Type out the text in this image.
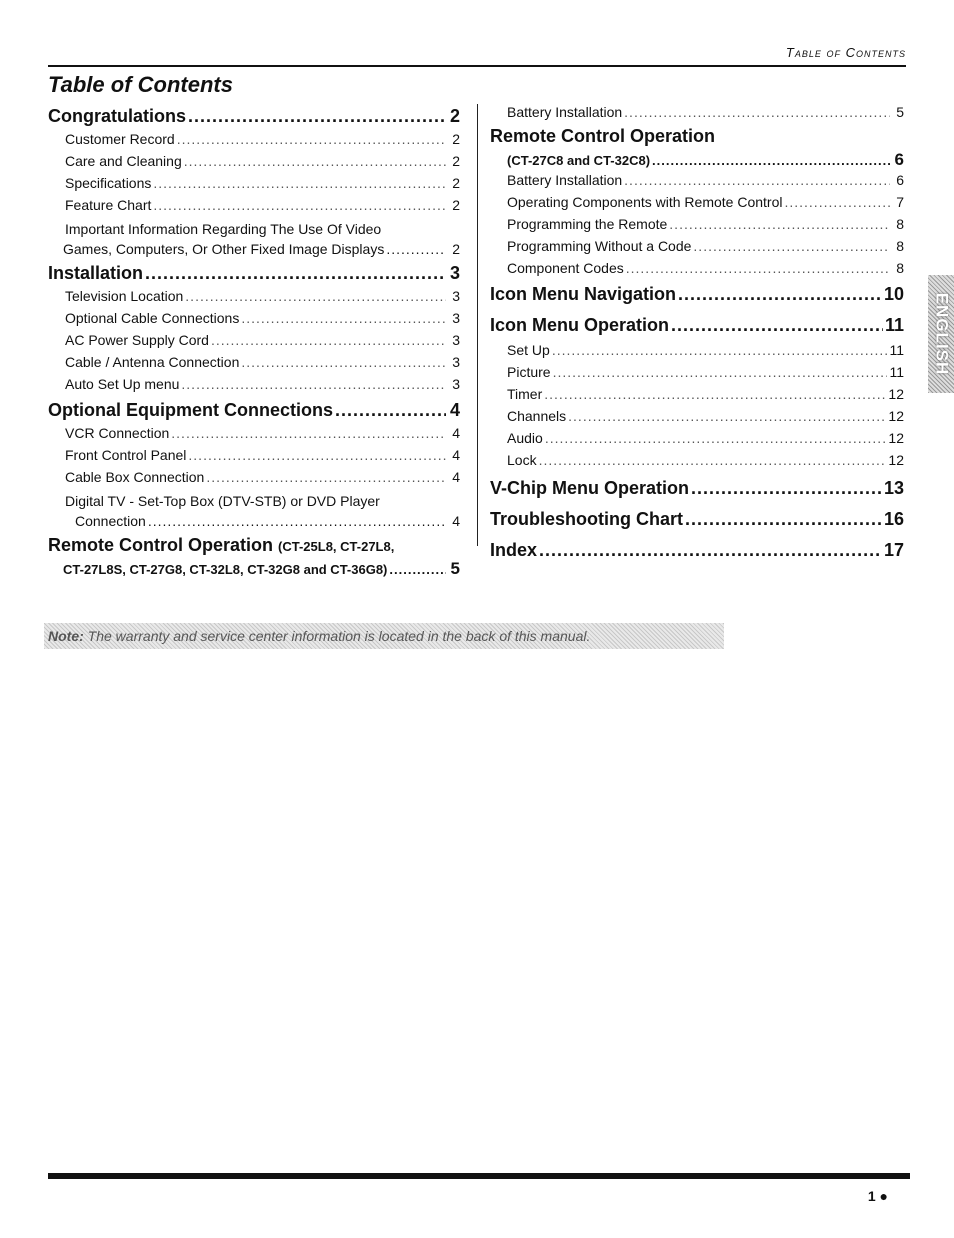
Table of Contents
Table of Contents
Congratulations .....	2
Customer Record .....	2
Care and Cleaning .....	2
Specifications .....	2
Feature Chart .....	2
Important Information Regarding The Use Of Video
Games, Computers, Or Other Fixed Image Displays .....	2
Installation .....	3
Television Location .....	3
Optional Cable Connections .....	3
AC Power Supply Cord .....	3
Cable / Antenna Connection .....	3
Auto Set Up menu .....	3
Optional Equipment Connections .....	4
VCR Connection .....	4
Front Control Panel .....	4
Cable Box Connection .....	4
Digital TV - Set-Top Box (DTV-STB) or DVD Player
Connection .....	4
Remote Control Operation (CT-25L8, CT-27L8,
CT-27L8S, CT-27G8, CT-32L8, CT-32G8 and CT-36G8) .....	5
Battery Installation .....	5
Remote Control Operation
(CT-27C8 and CT-32C8) .....	6
Battery Installation .....	6
Operating Components with Remote Control .....	7
Programming the Remote .....	8
Programming Without a Code .....	8
Component Codes .....	8
Icon Menu Navigation .....	10
Icon Menu Operation .....	11
Set Up .....	11
Picture .....	11
Timer .....	12
Channels .....	12
Audio .....	12
Lock .....	12
V-Chip Menu Operation .....	13
Troubleshooting Chart .....	16
Index .....	17
Note: The warranty and service center information is located in the back of this manual.
ENGLISH
1 ●
